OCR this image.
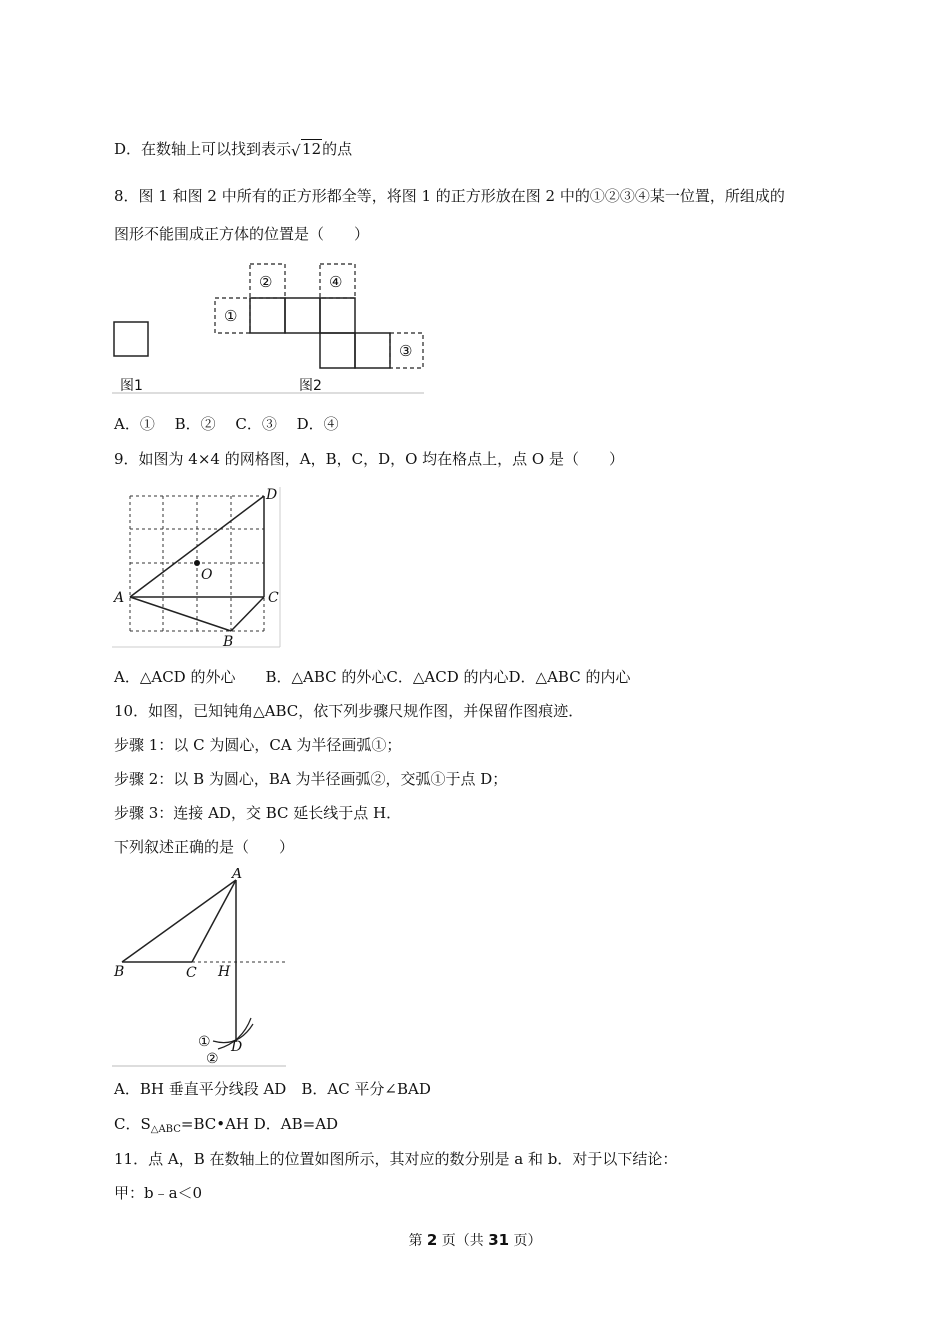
D．在数轴上可以找到表示 √ 12的点
8．图 1 和图 2 中所有的正方形都全等，将图 1 的正方形放在图 2 中的①②③④某一位置，所组成的
图形不能围成正方体的位置是（　　）
①
②	④
③
图1	图2
A．①　 B．②　 C．③　 D．④
9．如图为 4×4 的网格图，A，B，C，D，O 均在格点上，点 O 是（　　）
A
B
C
D
O
A．△ACD 的外心　　B．△ABC 的外心C．△ACD 的内心D．△ABC 的内心
10．如图，已知钝角△ABC，依下列步骤尺规作图，并保留作图痕迹．
步骤 1：以 C 为圆心，CA 为半径画弧①；
步骤 2：以 B 为圆心，BA 为半径画弧②，交弧①于点 D；
步骤 3：连接 AD，交 BC 延长线于点 H．
下列叙述正确的是（　　）
A
B	C H
D
①
②
A．BH 垂直平分线段 AD　B．AC 平分∠BAD
C．$S_{\triangle ABC}=BC•AH$ D．AB=AD
11．点 A，B 在数轴上的位置如图所示，其对应的数分别是 a 和 b．对于以下结论：
甲：b﹣a＜0
第 2 页（共 31 页）
